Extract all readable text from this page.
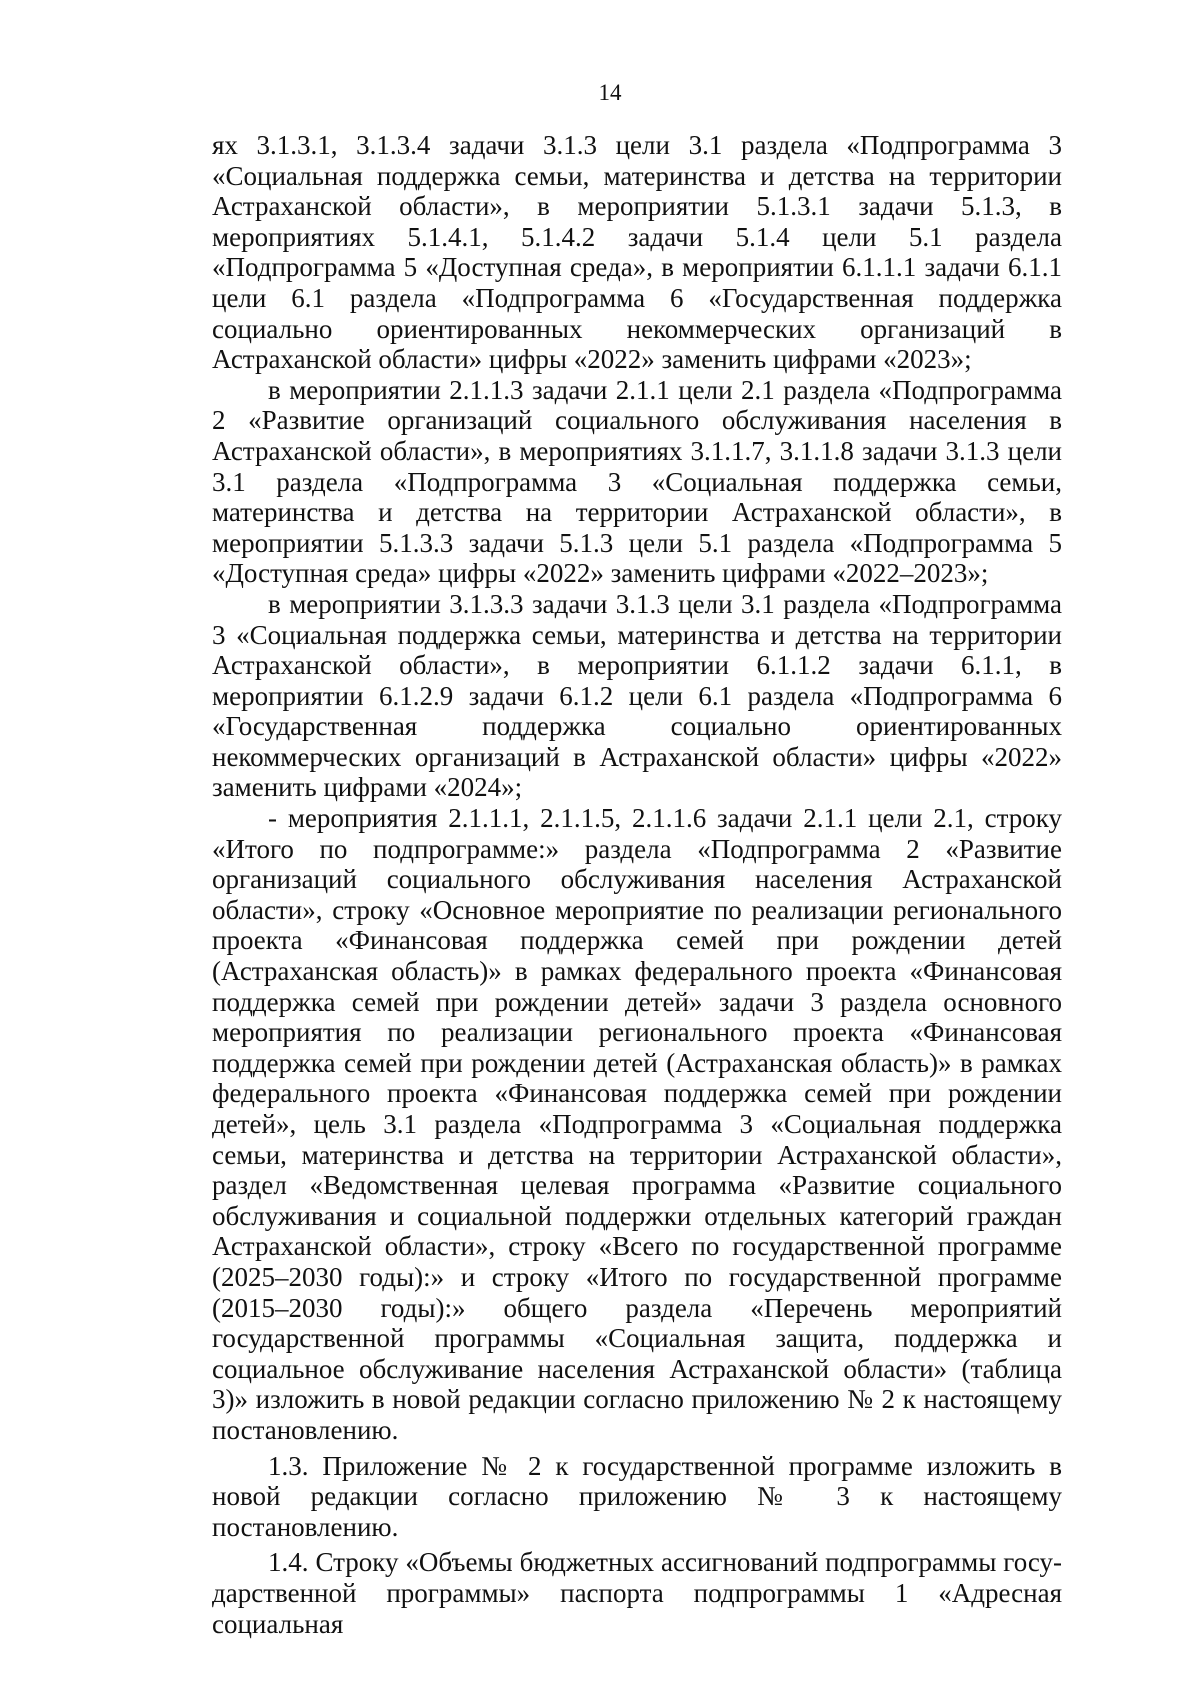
14

ях 3.1.3.1, 3.1.3.4 задачи 3.1.3 цели 3.1 раздела «Подпрограмма 3 «Социальная поддержка семьи, материнства и детства на территории Астраханской области», в мероприятии 5.1.3.1 задачи 5.1.3, в мероприятиях 5.1.4.1, 5.1.4.2 задачи 5.1.4 цели 5.1 раздела «Подпрограмма 5 «Доступная среда», в мероприятии 6.1.1.1 задачи 6.1.1 цели 6.1 раздела «Подпрограмма 6 «Государственная поддержка социально ориентированных некоммерческих организаций в Астраханской области» цифры «2022» заменить цифрами «2023»;

в мероприятии 2.1.1.3 задачи 2.1.1 цели 2.1 раздела «Подпрограмма 2 «Развитие организаций социального обслуживания населения в Астраханской области», в мероприятиях 3.1.1.7, 3.1.1.8 задачи 3.1.3 цели 3.1 раздела «Подпрограмма 3 «Социальная поддержка семьи, материнства и детства на территории Астраханской области», в мероприятии 5.1.3.3 задачи 5.1.3 цели 5.1 раздела «Подпрограмма 5 «Доступная среда» цифры «2022» заменить цифрами «2022–2023»;

в мероприятии 3.1.3.3 задачи 3.1.3 цели 3.1 раздела «Подпрограмма 3 «Социальная поддержка семьи, материнства и детства на территории Астраханской области», в мероприятии 6.1.1.2 задачи 6.1.1, в мероприятии 6.1.2.9 задачи 6.1.2 цели 6.1 раздела «Подпрограмма 6 «Государственная поддержка социально ориентированных некоммерческих организаций в Астраханской области» цифры «2022» заменить цифрами «2024»;

- мероприятия 2.1.1.1, 2.1.1.5, 2.1.1.6 задачи 2.1.1 цели 2.1, строку «Итого по подпрограмме:» раздела «Подпрограмма 2 «Развитие организаций социального обслуживания населения Астраханской области», строку «Основное мероприятие по реализации регионального проекта «Финансовая поддержка семей при рождении детей (Астраханская область)» в рамках федерального проекта «Финансовая поддержка семей при рождении детей» задачи 3 раздела основного мероприятия по реализации регионального проекта «Финансовая поддержка семей при рождении детей (Астраханская область)» в рамках федерального проекта «Финансовая поддержка семей при рождении детей», цель 3.1 раздела «Подпрограмма 3 «Социальная поддержка семьи, материнства и детства на территории Астраханской области», раздел «Ведомственная целевая программа «Развитие социального обслуживания и социальной поддержки отдельных категорий граждан Астраханской области», строку «Всего по государственной программе (2025–2030 годы):» и строку «Итого по государственной программе (2015–2030 годы):» общего раздела «Перечень мероприятий государственной программы «Социальная защита, поддержка и социальное обслуживание населения Астраханской области» (таблица 3)» изложить в новой редакции согласно приложению № 2 к настоящему постановлению.

1.3. Приложение № 2 к государственной программе изложить в новой редакции согласно приложению № 3 к настоящему постановлению.

1.4. Строку «Объемы бюджетных ассигнований подпрограммы государственной программы» паспорта подпрограммы 1 «Адресная социальная
